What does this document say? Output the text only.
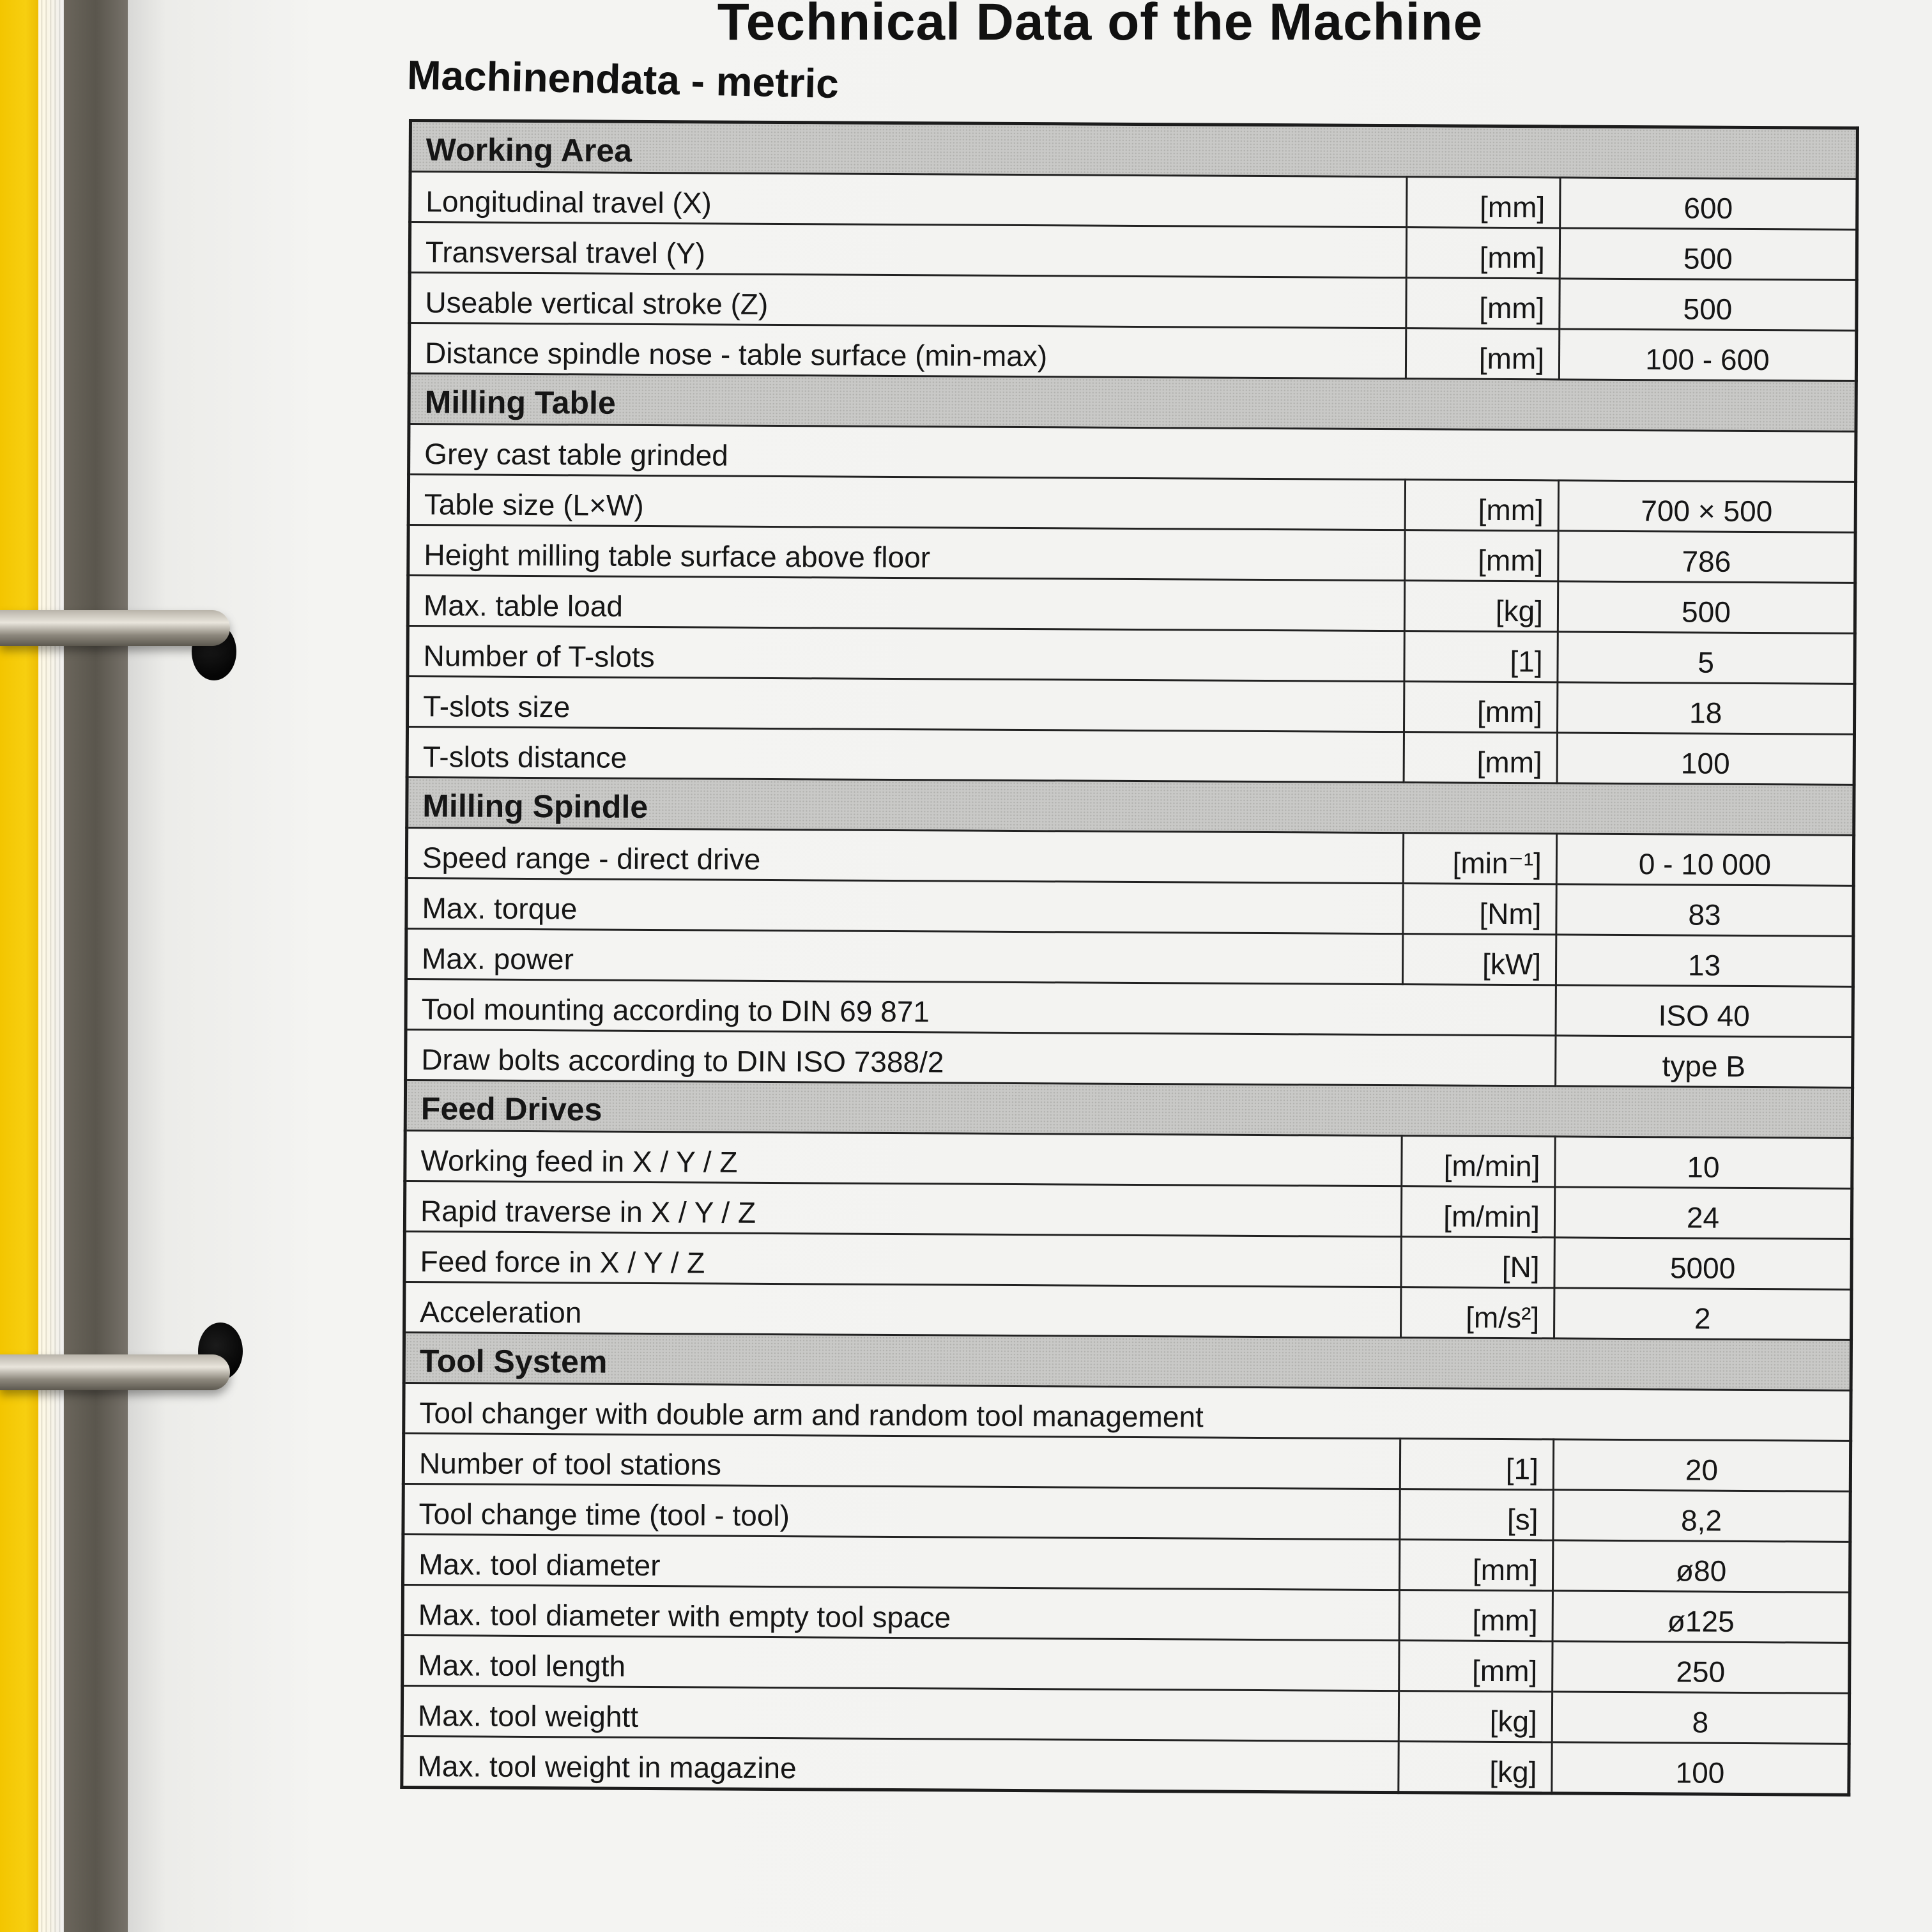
Technical Data of the Machine
Machinendata - metric
Working Area		
Longitudinal travel (X)	[mm]	600
Transversal travel (Y)	[mm]	500
Useable vertical stroke (Z)	[mm]	500
Distance spindle nose - table surface (min-max)	[mm]	100 - 600
Milling Table		
Grey cast table grinded		
Table size (L×W)	[mm]	700 × 500
Height milling table surface above floor	[mm]	786
Max. table load	[kg]	500
Number of T-slots	[1]	5
T-slots size	[mm]	18
T-slots distance	[mm]	100
Milling Spindle		
Speed range - direct drive	[min⁻¹]	0 - 10 000
Max. torque	[Nm]	83
Max. power	[kW]	13
Tool mounting according to DIN 69 871		ISO 40
Draw bolts according to DIN ISO 7388/2		type B
Feed Drives		
Working feed in X / Y / Z	[m/min]	10
Rapid traverse in X / Y / Z	[m/min]	24
Feed force in X / Y / Z	[N]	5000
Acceleration	[m/s²]	2
Tool System		
Tool changer with double arm and random tool management		
Number of tool stations	[1]	20
Tool change time (tool - tool)	[s]	8,2
Max. tool diameter	[mm]	ø80
Max. tool diameter with empty tool space	[mm]	ø125
Max. tool length	[mm]	250
Max. tool weightt	[kg]	8
Max. tool weight in magazine	[kg]	100
